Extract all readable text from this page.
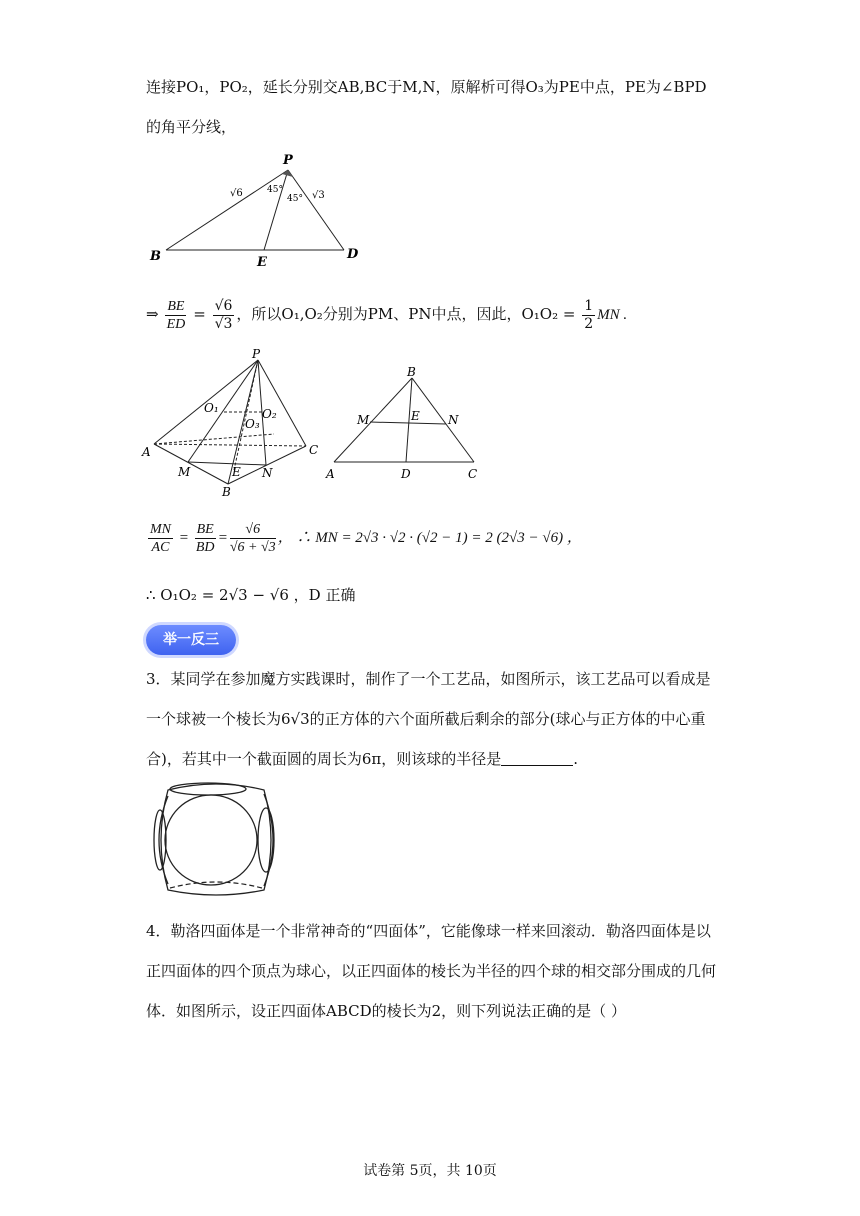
连接PO₁，PO₂，延长分别交AB,BC于M,N，原解析可得O₃为PE中点，PE为∠BPD
的角平分线，
P
B	E
D
√6	√3
45°
45°
⇒ $\frac{BE}{ED} = \frac{√6}{√3}$ ，所以O₁,O₂分别为PM、PN中点，因此，$O_1O_2 = \frac{1}{2}$ MN .
P
O₁	O₂
O₃
A	C
M	E N
B
B
M	E N
A	D	C
$\frac{MN}{AC} = \frac{BE}{BD} = \frac{√6}{√6 + √3}$ ， ∴ MN = 2√3 · √2 · (√2 − 1) = 2 (2√3 − √6) ，
∴ O₁O₂ = 2√3 − √6 ，D 正确
举一反三
3．某同学在参加魔方实践课时，制作了一个工艺品，如图所示，该工艺品可以看成是
一个球被一个棱长为6√3的正方体的六个面所截后剩余的部分(球心与正方体的中心重
合)，若其中一个截面圆的周长为6π，则该球的半径是	.
4．勒洛四面体是一个非常神奇的“四面体”，它能像球一样来回滚动．勒洛四面体是以
正四面体的四个顶点为球心，以正四面体的棱长为半径的四个球的相交部分围成的几何
体．如图所示，设正四面体ABCD的棱长为2，则下列说法正确的是（ ）
试卷第 5页，共 10页
